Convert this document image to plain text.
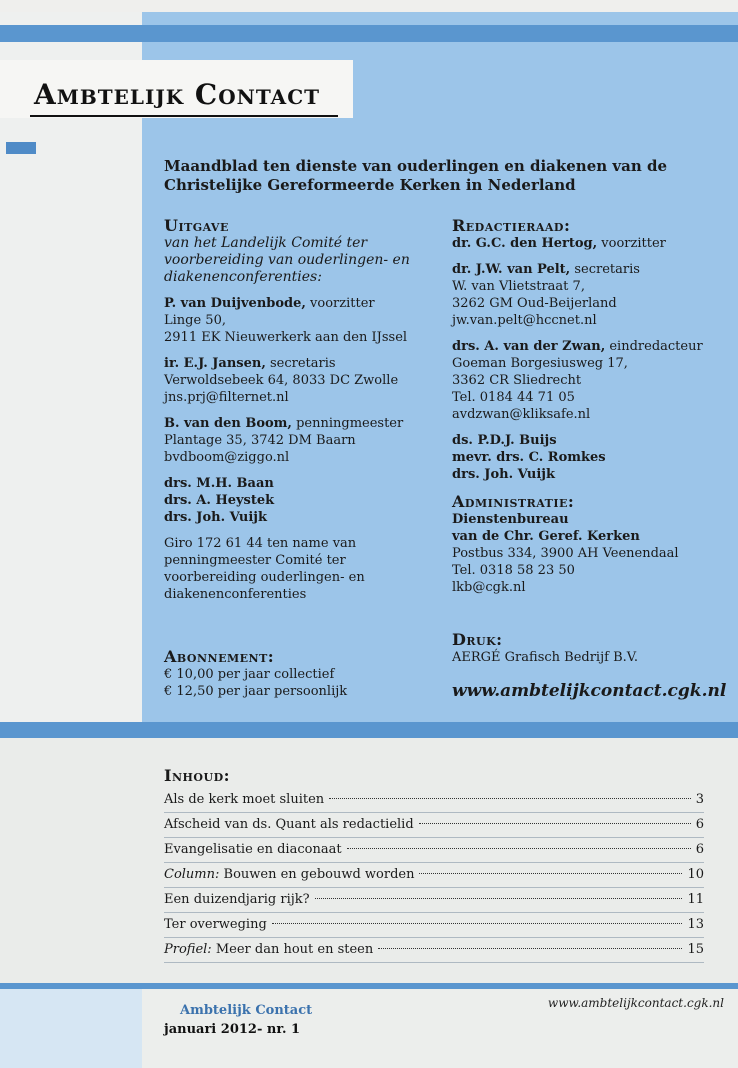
Ambtelijk Contact
Maandblad ten dienste van ouderlingen en diakenen van de Christelijke Gereformeerde Kerken in Nederland
Uitgave

van het Landelijk Comité ter voorbereiding van ouderlingen- en diakenenconferenties:

P. van Duijvenbode, voorzitter
Linge 50,
2911 EK Nieuwerkerk aan den IJssel

ir. E.J. Jansen, secretaris
Verwoldsebeek 64, 8033 DC Zwolle
jns.prj@filternet.nl

B. van den Boom, penningmeester
Plantage 35, 3742 DM Baarn
bvdboom@ziggo.nl

drs. M.H. Baan
drs. A. Heystek
drs. Joh. Vuijk

Giro 172 61 44 ten name van penningmeester Comité ter voorbereiding ouderlingen- en diakenenconferenties

Abonnement:
€ 10,00 per jaar collectief
€ 12,50 per jaar persoonlijk
Redactieraad:

dr. G.C. den Hertog, voorzitter

dr. J.W. van Pelt, secretaris
W. van Vlietstraat 7,
3262 GM Oud-Beijerland
jw.van.pelt@hccnet.nl

drs. A. van der Zwan, eindredacteur
Goeman Borgesiusweg 17,
3362 CR Sliedrecht
Tel. 0184 44 71 05
avdzwan@kliksafe.nl

ds. P.D.J. Buijs
mevr. drs. C. Romkes
drs. Joh. Vuijk

Administratie:

Dienstenbureau
van de Chr. Geref. Kerken
Postbus 334, 3900 AH Veenendaal
Tel. 0318 58 23 50
lkb@cgk.nl

Druk:
AERGÉ Grafisch Bedrijf B.V.
www.ambtelijkcontact.cgk.nl
Inhoud:
Als de kerk moet sluiten	3
Afscheid van ds. Quant als redactielid	6
Evangelisatie en diaconaat	6
Column: Bouwen en gebouwd worden	10
Een duizendjarig rijk?	11
Ter overweging	13
Profiel: Meer dan hout en steen	15
Ambtelijk Contact
januari 2012- nr. 1
www.ambtelijkcontact.cgk.nl
